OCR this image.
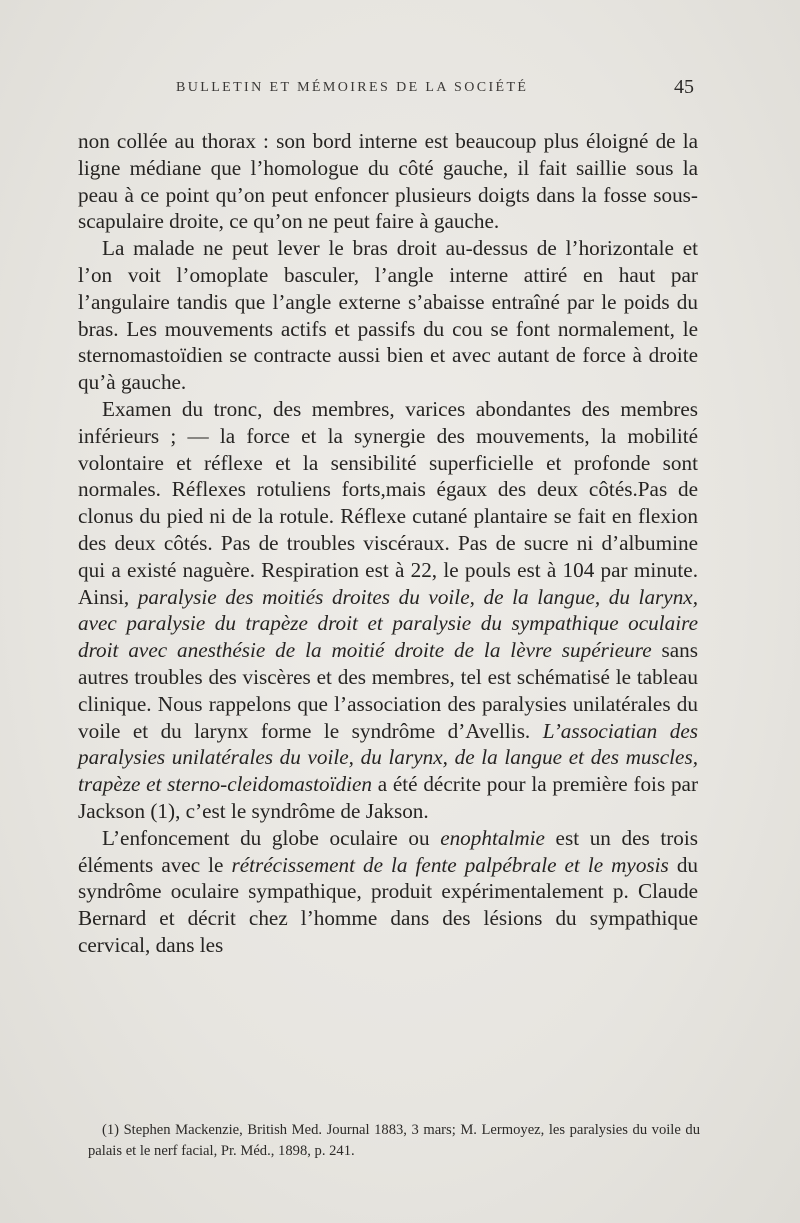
BULLETIN ET MÉMOIRES DE LA SOCIÉTÉ	45

non collée au thorax : son bord interne est beaucoup plus éloigné de la ligne médiane que l’homologue du côté gauche, il fait saillie sous la peau à ce point qu’on peut enfoncer plusieurs doigts dans la fosse sous-scapulaire droite, ce qu’on ne peut faire à gauche.

La malade ne peut lever le bras droit au-dessus de l’horizontale et l’on voit l’omoplate basculer, l’angle interne attiré en haut par l’angulaire tandis que l’angle externe s’abaisse entraîné par le poids du bras. Les mouvements actifs et passifs du cou se font normalement, le sternomastoïdien se contracte aussi bien et avec autant de force à droite qu’à gauche.

Examen du tronc, des membres, varices abondantes des membres inférieurs ; — la force et la synergie des mouvements, la mobilité volontaire et réflexe et la sensibilité superficielle et profonde sont normales. Réflexes rotuliens forts,mais égaux des deux côtés.Pas de clonus du pied ni de la rotule. Réflexe cutané plantaire se fait en flexion des deux côtés. Pas de troubles viscéraux. Pas de sucre ni d’albumine qui a existé naguère. Respiration est à 22, le pouls est à 104 par minute. Ainsi, paralysie des moitiés droites du voile, de la langue, du larynx, avec paralysie du trapèze droit et paralysie du sympathique oculaire droit avec anesthésie de la moitié droite de la lèvre supérieure sans autres troubles des viscères et des membres, tel est schématisé le tableau clinique. Nous rappelons que l’association des paralysies unilatérales du voile et du larynx forme le syndrôme d’Avellis. L’associatian des paralysies unilatérales du voile, du larynx, de la langue et des muscles, trapèze et sterno-cleidomastoïdien a été décrite pour la première fois par Jackson (1), c’est le syndrôme de Jakson.

L’enfoncement du globe oculaire ou enophtalmie est un des trois éléments avec le rétrécissement de la fente palpébrale et le myosis du syndrôme oculaire sympathique, produit expérimentalement p. Claude Bernard et décrit chez l’homme dans des lésions du sympathique cervical, dans les

(1) Stephen Mackenzie, British Med. Journal 1883, 3 mars; M. Lermoyez, les paralysies du voile du palais et le nerf facial, Pr. Méd., 1898, p. 241.
